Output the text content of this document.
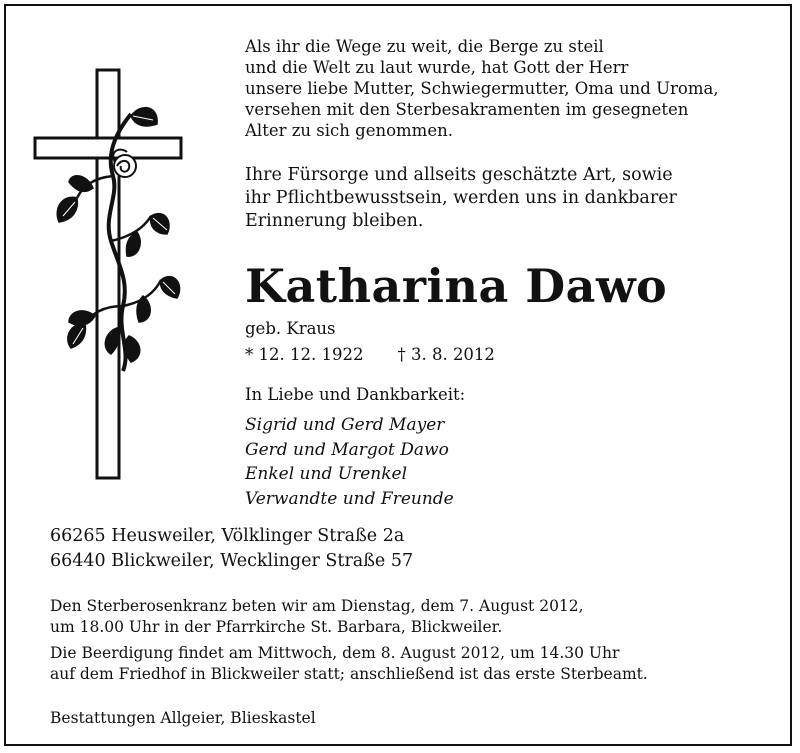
Als ihr die Wege zu weit, die Berge zu steil
und die Welt zu laut wurde, hat Gott der Herr
unsere liebe Mutter, Schwiegermutter, Oma und Uroma,
versehen mit den Sterbesakramenten im gesegneten
Alter zu sich genommen.
Ihre Fürsorge und allseits geschätzte Art, sowie
ihr Pflichtbewusstsein, werden uns in dankbarer
Erinnerung bleiben.
Katharina Dawo
geb. Kraus
* 12. 12. 1922 † 3. 8. 2012
In Liebe und Dankbarkeit:
Sigrid und Gerd Mayer
Gerd und Margot Dawo
Enkel und Urenkel
Verwandte und Freunde
66265 Heusweiler, Völklinger Straße 2a
66440 Blickweiler, Wecklinger Straße 57
Den Sterberosenkranz beten wir am Dienstag, dem 7. August 2012,
um 18.00 Uhr in der Pfarrkirche St. Barbara, Blickweiler.
Die Beerdigung findet am Mittwoch, dem 8. August 2012, um 14.30 Uhr
auf dem Friedhof in Blickweiler statt; anschließend ist das erste Sterbeamt.
Bestattungen Allgeier, Blieskastel
